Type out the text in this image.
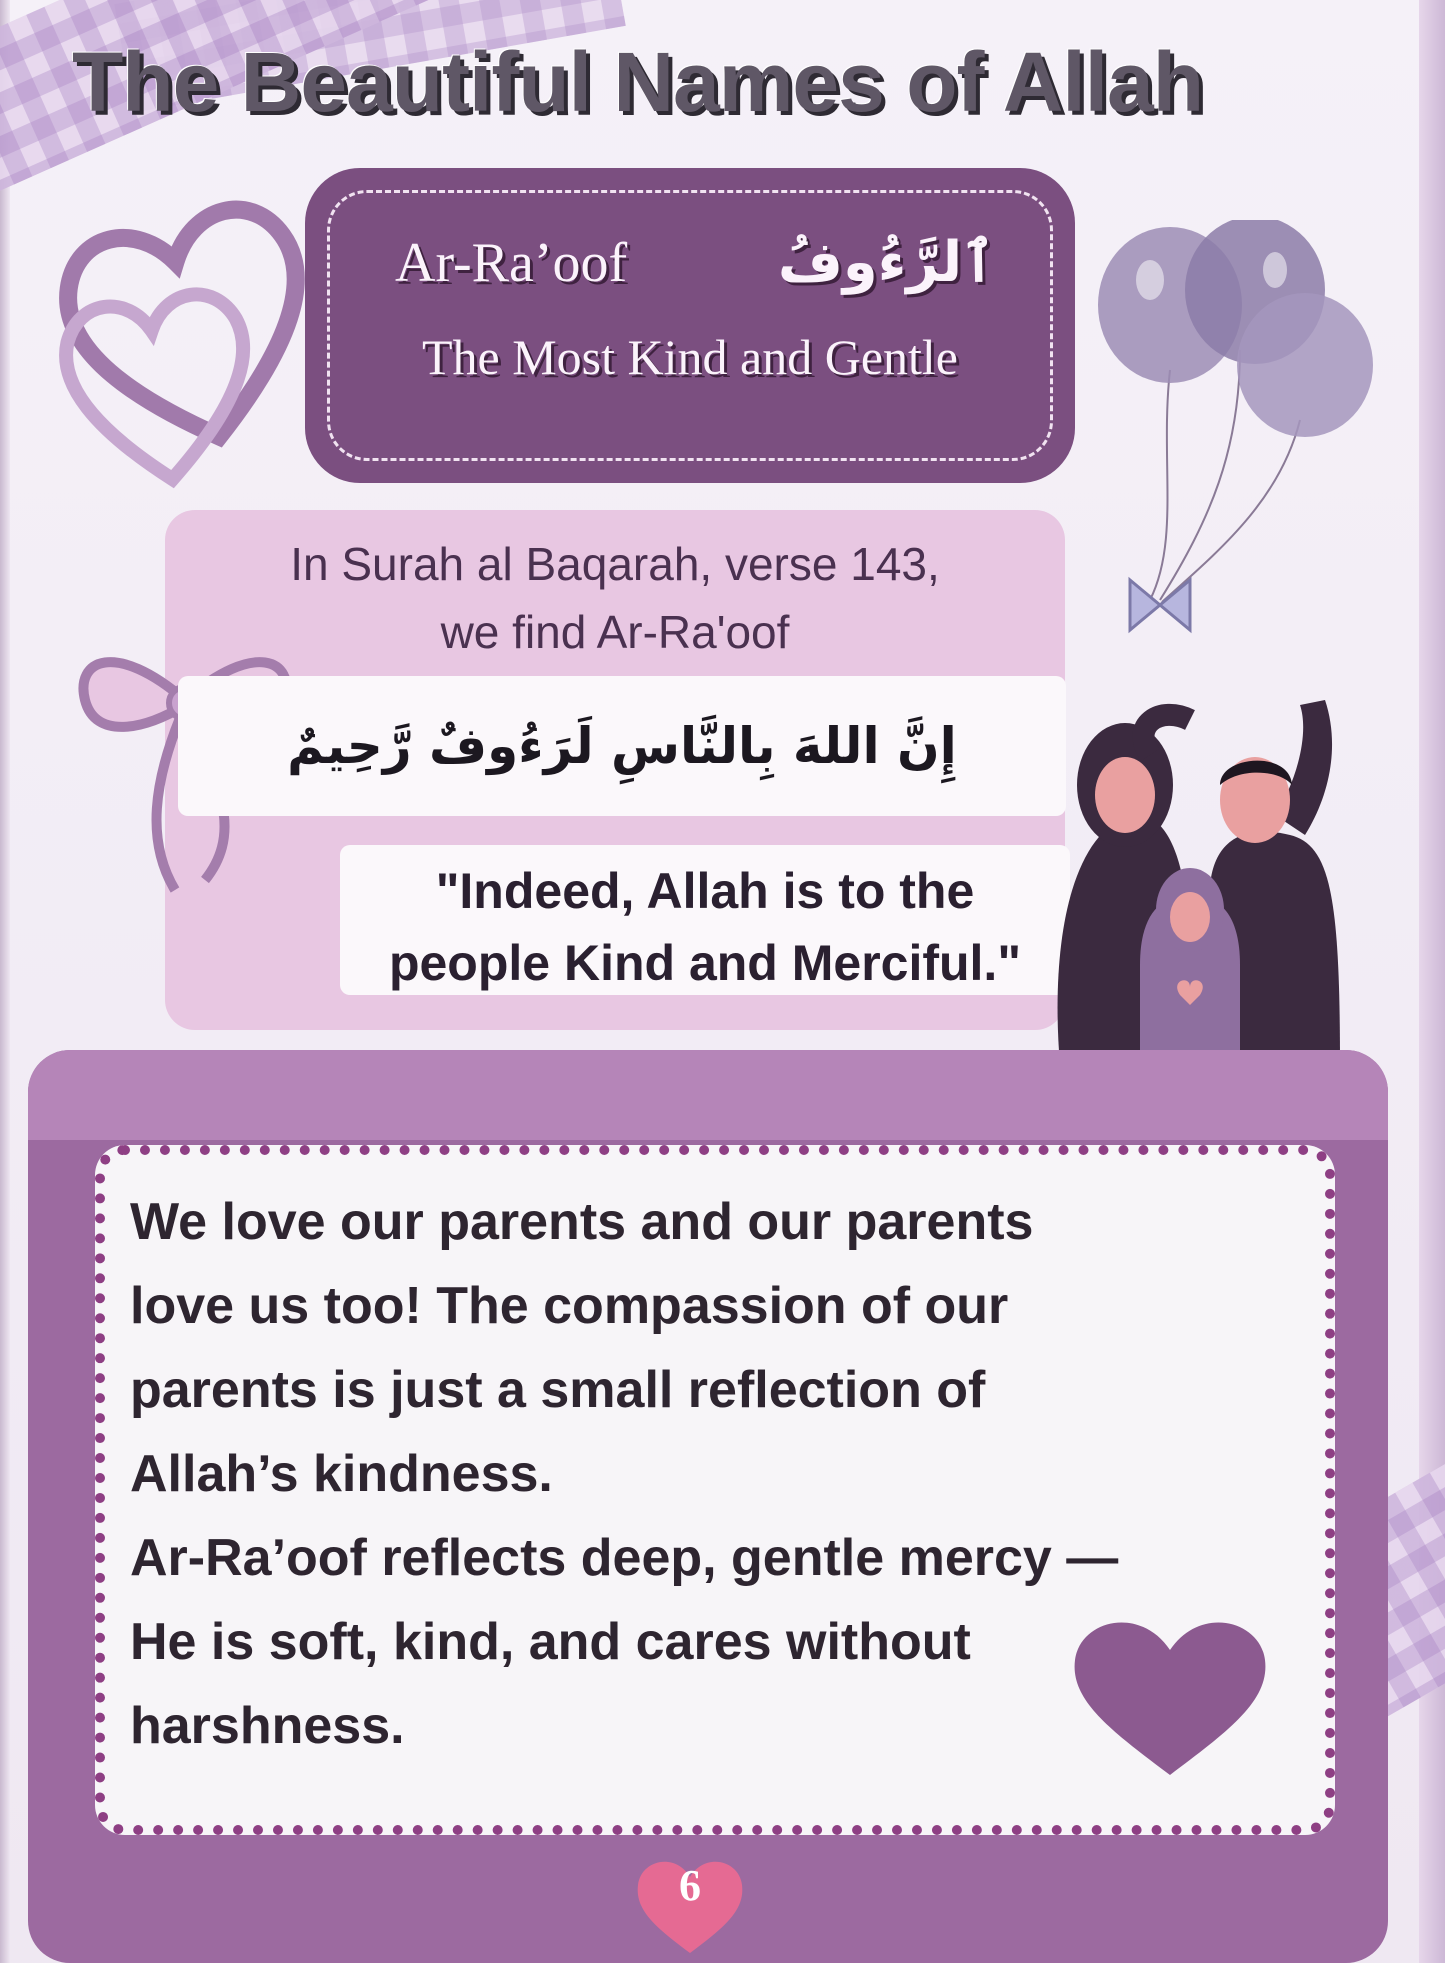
The Beautiful Names of Allah
Ar-Ra’oof	ٱلرَّءُوفُ
The Most Kind and Gentle
In Surah al Baqarah, verse 143,
we find Ar-Ra'oof
إِنَّ اللهَ بِالنَّاسِ لَرَءُوفٌ رَّحِيمٌ
"Indeed, Allah is to the
people Kind and Merciful."

We love our parents and our parents

love us too! The compassion of our

parents is just a small reflection of

Allah’s kindness.

Ar-Ra’oof reflects deep, gentle mercy —

He is soft, kind, and cares without

harshness.

6
